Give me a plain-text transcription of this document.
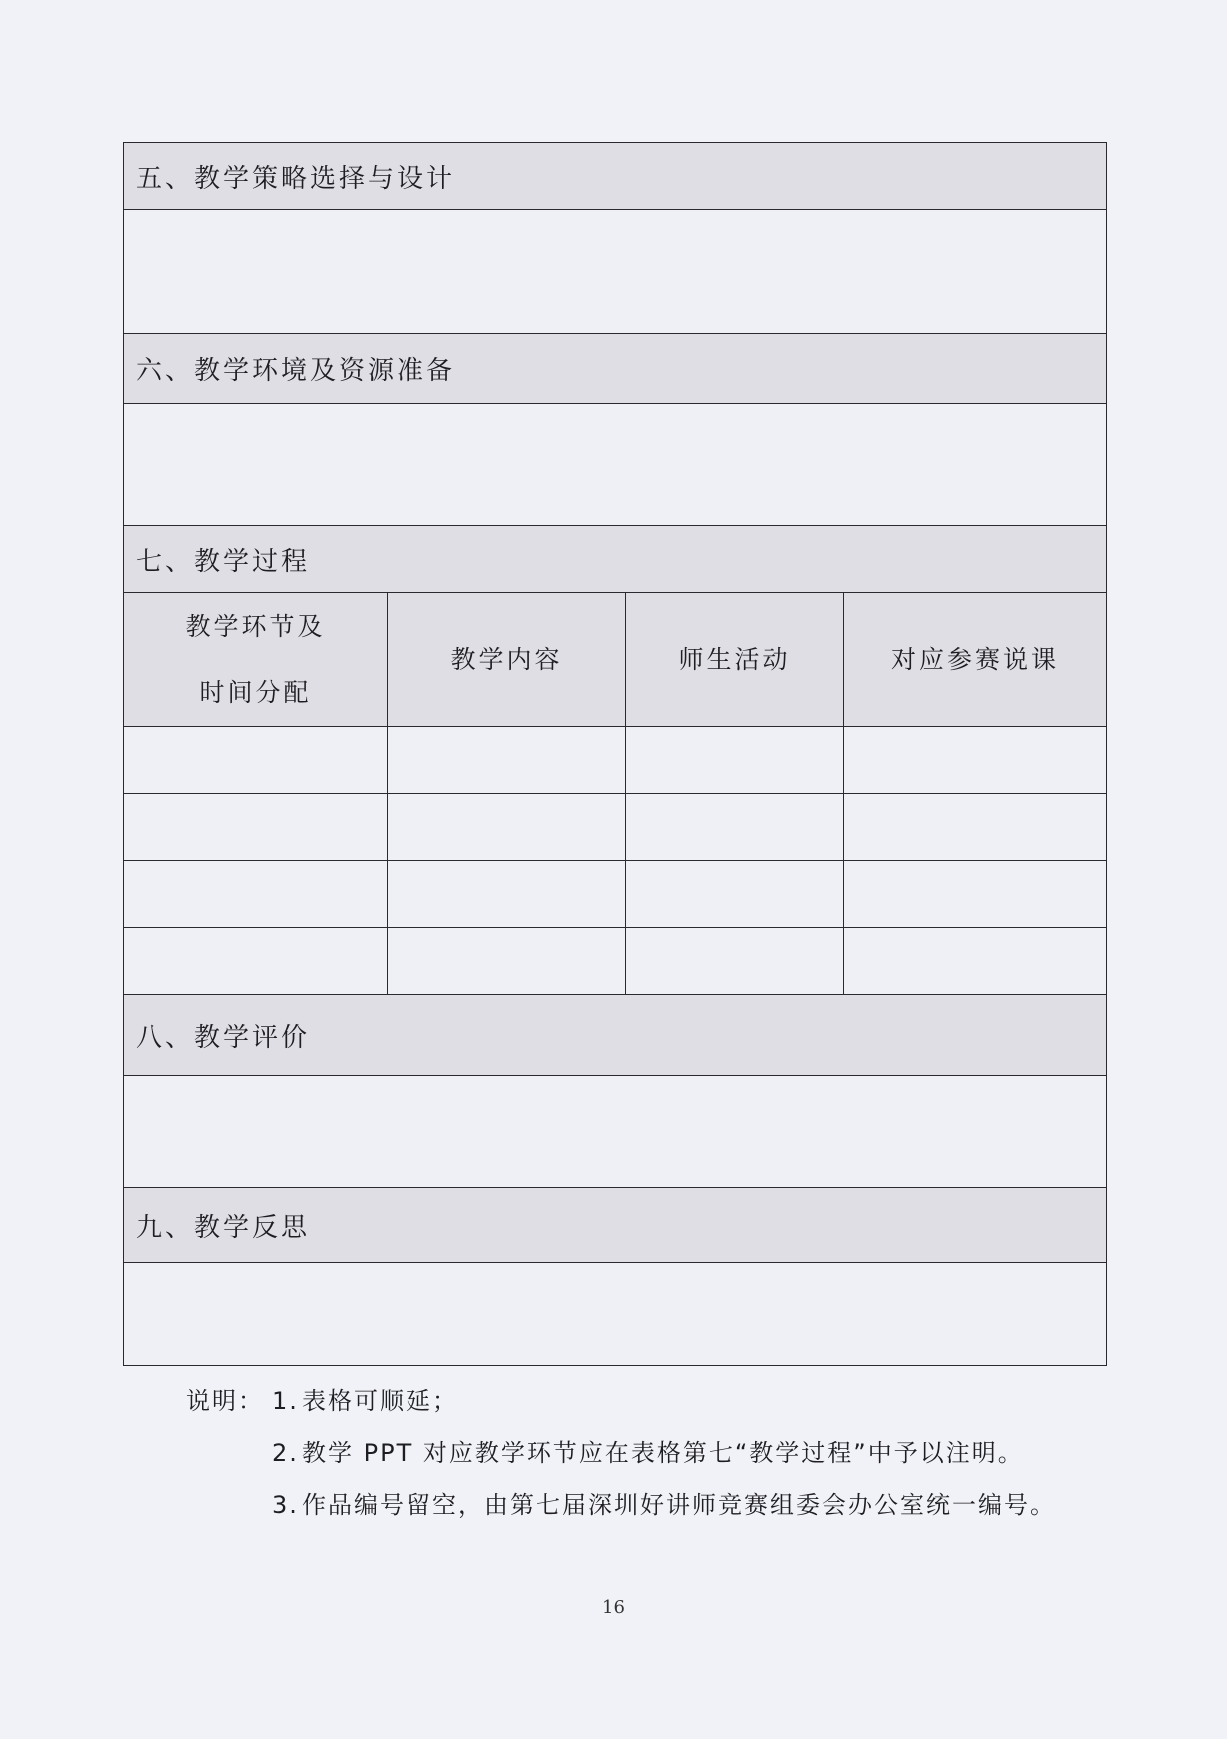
五、教学策略选择与设计			

六、教学环境及资源准备			

七、教学过程			

教学环节及
时间分配	教学内容	师生活动	对应参赛说课

八、教学评价			

九、教学反思			

说明： 1. 表格可顺延；
2. 教学 PPT 对应教学环节应在表格第七“教学过程”中予以注明。
3. 作品编号留空，由第七届深圳好讲师竞赛组委会办公室统一编号。
16
